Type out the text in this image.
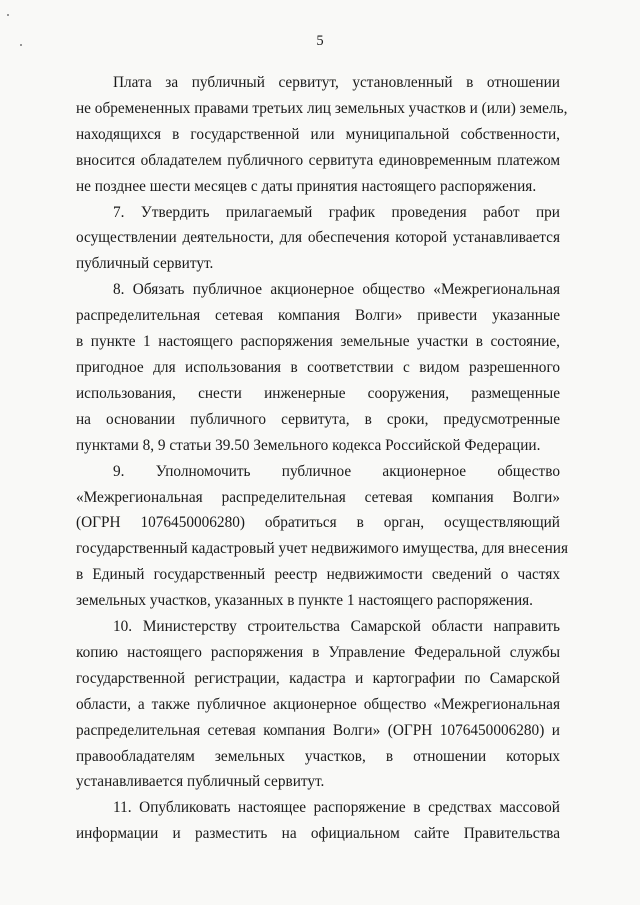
5
Плата за публичный сервитут, установленный в отношении
не обремененных правами третьих лиц земельных участков и (или) земель,
находящихся в государственной или муниципальной собственности,
вносится обладателем публичного сервитута единовременным платежом
не позднее шести месяцев с даты принятия настоящего распоряжения.
7. Утвердить прилагаемый график проведения работ при
осуществлении деятельности, для обеспечения которой устанавливается
публичный сервитут.
8. Обязать публичное акционерное общество «Межрегиональная
распределительная сетевая компания Волги» привести указанные
в пункте 1 настоящего распоряжения земельные участки в состояние,
пригодное для использования в соответствии с видом разрешенного
использования, снести инженерные сооружения, размещенные
на основании публичного сервитута, в сроки, предусмотренные
пунктами 8, 9 статьи 39.50 Земельного кодекса Российской Федерации.
9. Уполномочить публичное акционерное общество
«Межрегиональная распределительная сетевая компания Волги»
(ОГРН 1076450006280) обратиться в орган, осуществляющий
государственный кадастровый учет недвижимого имущества, для внесения
в Единый государственный реестр недвижимости сведений о частях
земельных участков, указанных в пункте 1 настоящего распоряжения.
10. Министерству строительства Самарской области направить
копию настоящего распоряжения в Управление Федеральной службы
государственной регистрации, кадастра и картографии по Самарской
области, а также публичное акционерное общество «Межрегиональная
распределительная сетевая компания Волги» (ОГРН 1076450006280) и
правообладателям земельных участков, в отношении которых
устанавливается публичный сервитут.
11. Опубликовать настоящее распоряжение в средствах массовой
информации и разместить на официальном сайте Правительства
